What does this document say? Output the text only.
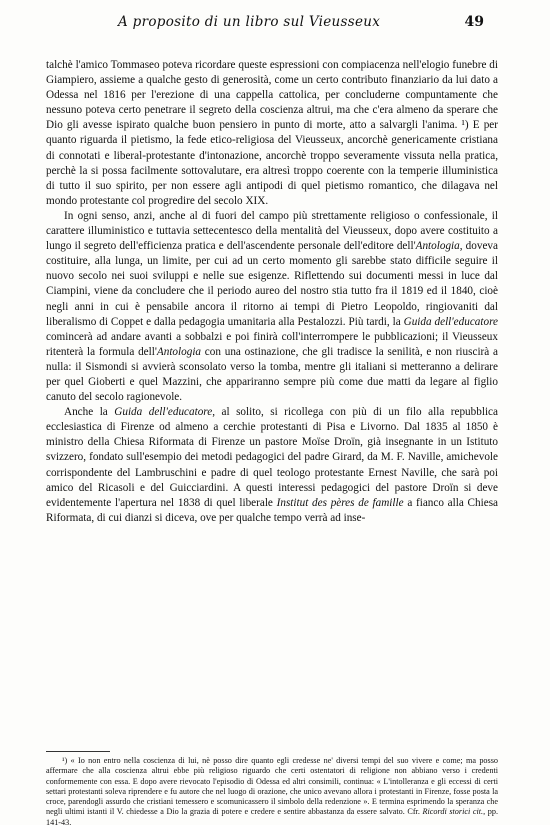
A proposito di un libro sul Vieusseux	49

talchè l'amico Tommaseo poteva ricordare queste espressioni con compiacenza nell'elogio funebre di Giampiero, assieme a qualche gesto di generosità, come un certo contributo finanziario da lui dato a Odessa nel 1816 per l'erezione di una cappella cattolica, per concluderne compuntamente che nessuno poteva certo penetrare il segreto della coscienza altrui, ma che c'era almeno da sperare che Dio gli avesse ispirato qualche buon pensiero in punto di morte, atto a salvargli l'anima. ¹) E per quanto riguarda il pietismo, la fede etico-religiosa del Vieusseux, ancorchè genericamente cristiana di connotati e liberal-protestante d'intonazione, ancorchè troppo severamente vissuta nella pratica, perchè la si possa facilmente sottovalutare, era altresì troppo coerente con la temperie illuministica di tutto il suo spirito, per non essere agli antipodi di quel pietismo romantico, che dilagava nel mondo protestante col progredire del secolo XIX.

In ogni senso, anzi, anche al di fuori del campo più strettamente religioso o confessionale, il carattere illuministico e tuttavia settecentesco della mentalità del Vieusseux, dopo avere costituito a lungo il segreto dell'efficienza pratica e dell'ascendente personale dell'editore dell'Antologia, doveva costituire, alla lunga, un limite, per cui ad un certo momento gli sarebbe stato difficile seguire il nuovo secolo nei suoi sviluppi e nelle sue esigenze. Riflettendo sui documenti messi in luce dal Ciampini, viene da concludere che il periodo aureo del nostro stia tutto fra il 1819 ed il 1840, cioè negli anni in cui è pensabile ancora il ritorno ai tempi di Pietro Leopoldo, ringiovaniti dal liberalismo di Coppet e dalla pedagogia umanitaria alla Pestalozzi. Più tardi, la Guida dell'educatore comincerà ad andare avanti a sobbalzi e poi finirà coll'interrompere le pubblicazioni; il Vieusseux ritenterà la formula dell'Antologia con una ostinazione, che gli tradisce la senilità, e non riuscirà a nulla: il Sismondi si avvierà sconsolato verso la tomba, mentre gli italiani si metteranno a delirare per quel Gioberti e quel Mazzini, che appariranno sempre più come due matti da legare al figlio canuto del secolo ragionevole.

Anche la Guida dell'educatore, al solito, si ricollega con più di un filo alla repubblica ecclesiastica di Firenze od almeno a cerchie protestanti di Pisa e Livorno. Dal 1835 al 1850 è ministro della Chiesa Riformata di Firenze un pastore Moïse Droïn, già insegnante in un Istituto svizzero, fondato sull'esempio dei metodi pedagogici del padre Girard, da M. F. Naville, amichevole corrispondente del Lambruschini e padre di quel teologo protestante Ernest Naville, che sarà poi amico del Ricasoli e del Guicciardini. A questi interessi pedagogici del pastore Droïn si deve evidentemente l'apertura nel 1838 di quel liberale Institut des pères de famille a fianco alla Chiesa Riformata, di cui dianzi si diceva, ove per qualche tempo verrà ad inse-

¹) « Io non entro nella coscienza di lui, nè posso dire quanto egli credesse ne' diversi tempi del suo vivere e come; ma posso affermare che alla coscienza altrui ebbe più religioso riguardo che certi ostentatori di religione non abbiano verso i credenti conformemente con essa. E dopo avere rievocato l'episodio di Odessa ed altri consimili, continua: « L'intolleranza e gli eccessi di certi settari protestanti soleva riprendere e fu autore che nel luogo di orazione, che unico avevano allora i protestanti in Firenze, fosse posta la croce, parendogli assurdo che cristiani temessero e scomunicassero il simbolo della redenzione ». E termina esprimendo la speranza che negli ultimi istanti il V. chiedesse a Dio la grazia di potere e credere e sentire abbastanza da essere salvato. Cfr. Ricordi storici cit., pp. 141-43.
